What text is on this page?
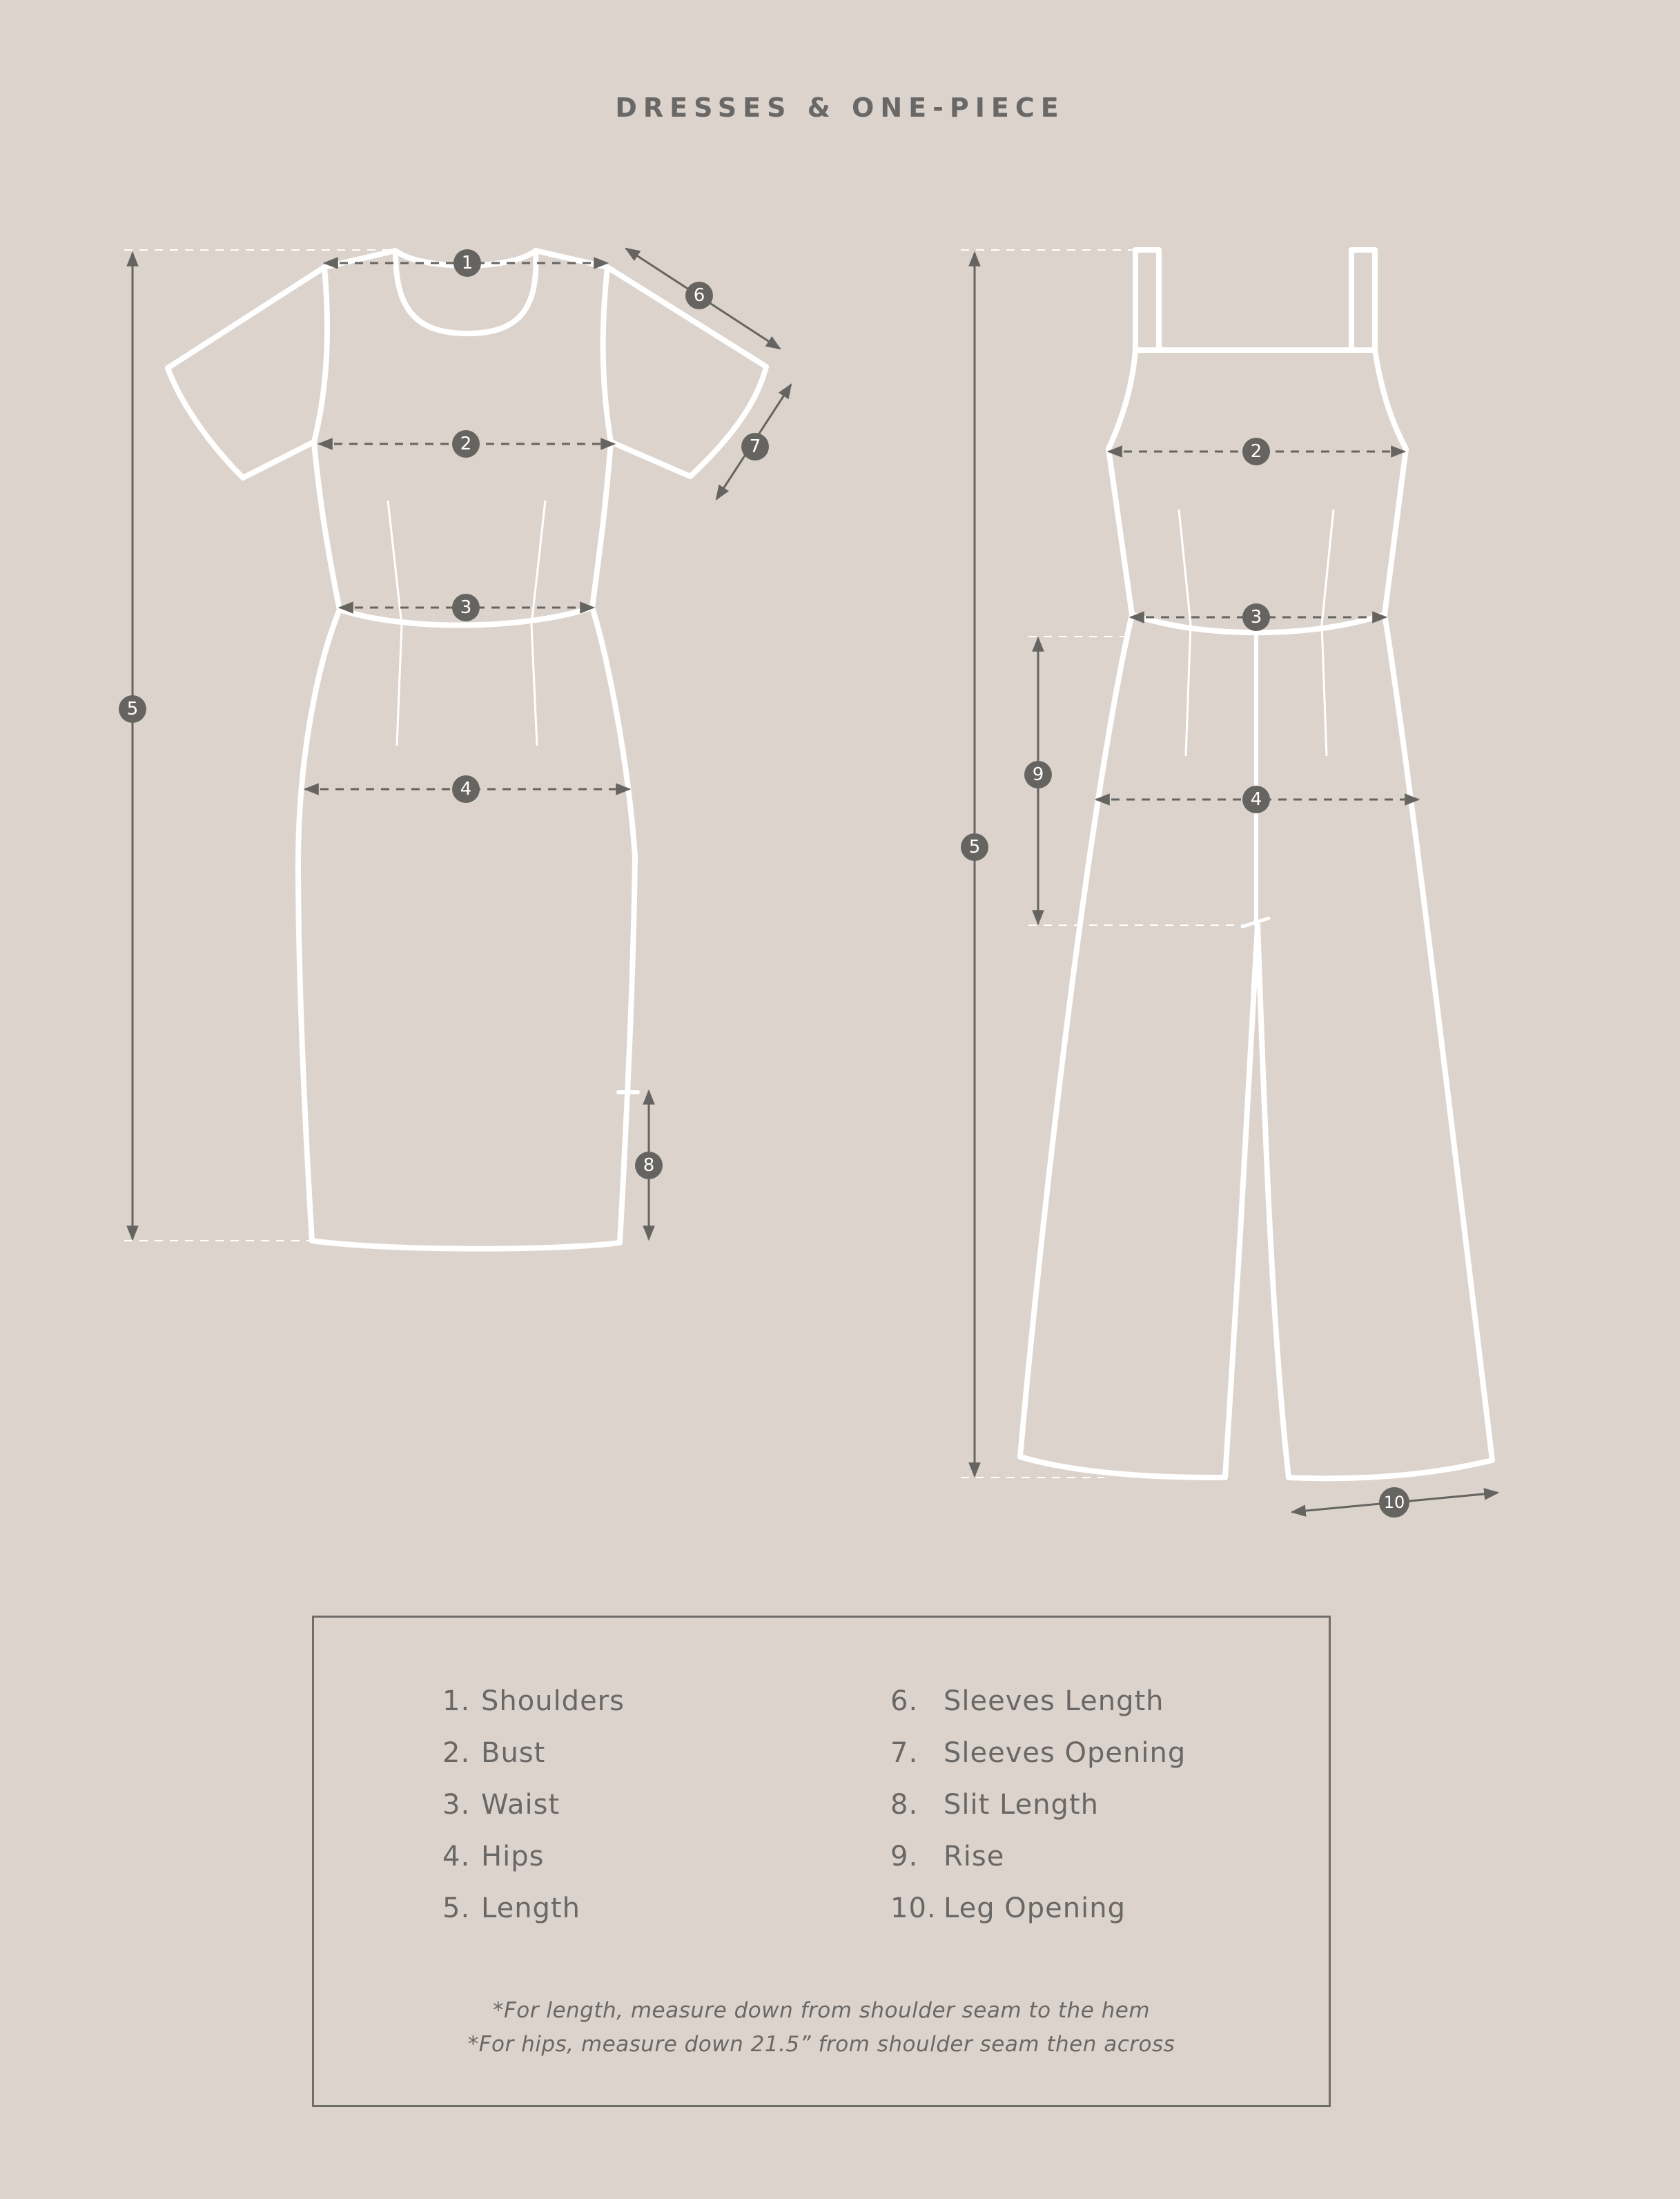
DRESSES & ONE-PIECE
1
2
3
4
5
6
7
8
2
3
4
5
9
10
1. Shoulders
2. Bust
3. Waist
4. Hips
5. Length
6. Sleeves Length
7. Sleeves Opening
8. Slit Length
9. Rise
10. Leg Opening
*For length, measure down from shoulder seam to the hem
*For hips, measure down 21.5” from shoulder seam then across
